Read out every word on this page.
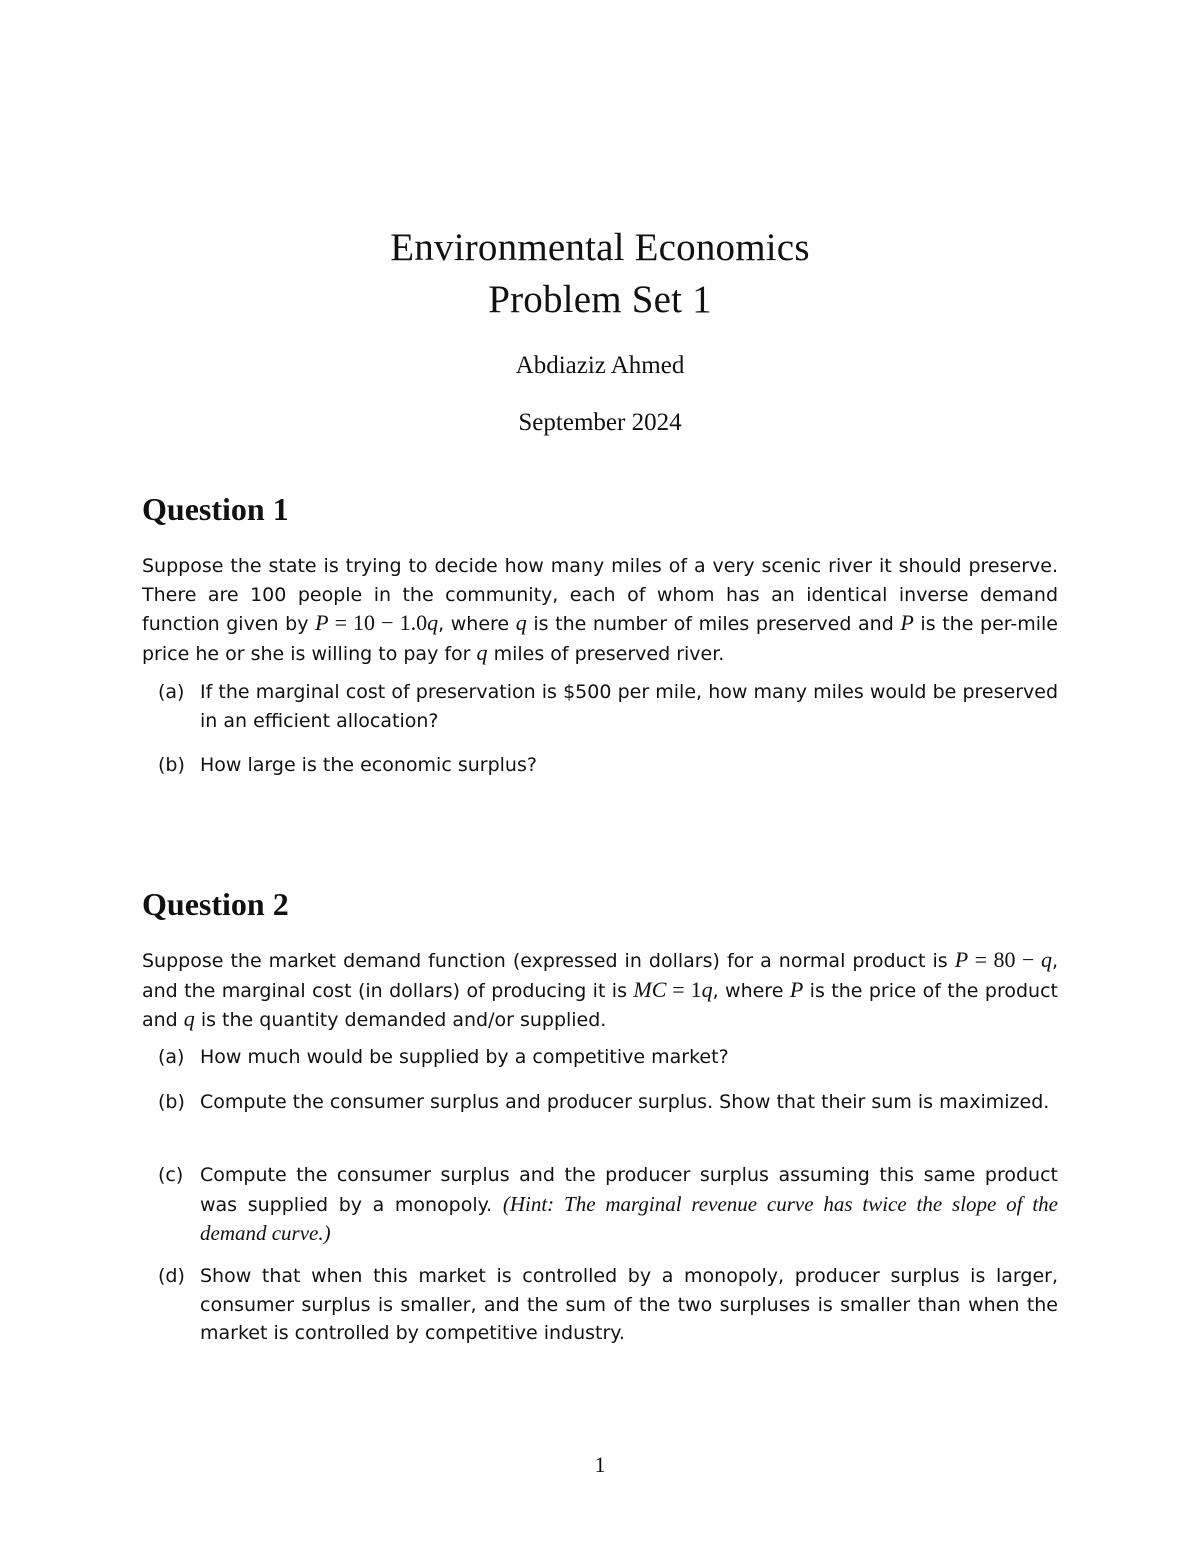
Environmental Economics
Problem Set 1
Abdiaziz Ahmed
September 2024
Question 1

Suppose the state is trying to decide how many miles of a very scenic river it should preserve. There are 100 people in the community, each of whom has an identical inverse demand function given by P = 10 − 1.0q, where q is the number of miles preserved and P is the per-mile price he or she is willing to pay for q miles of preserved river.

(a) If the marginal cost of preservation is $500 per mile, how many miles would be preserved in an efficient allocation?
(b) How large is the economic surplus?
Question 2

Suppose the market demand function (expressed in dollars) for a normal product is P = 80 − q, and the marginal cost (in dollars) of producing it is MC = 1q, where P is the price of the product and q is the quantity demanded and/or supplied.

(a) How much would be supplied by a competitive market?
(b) Compute the consumer surplus and producer surplus. Show that their sum is maximized.
(c) Compute the consumer surplus and the producer surplus assuming this same product was supplied by a monopoly. (Hint: The marginal revenue curve has twice the slope of the demand curve.)
(d) Show that when this market is controlled by a monopoly, producer surplus is larger, consumer surplus is smaller, and the sum of the two surpluses is smaller than when the market is controlled by competitive industry.
1
